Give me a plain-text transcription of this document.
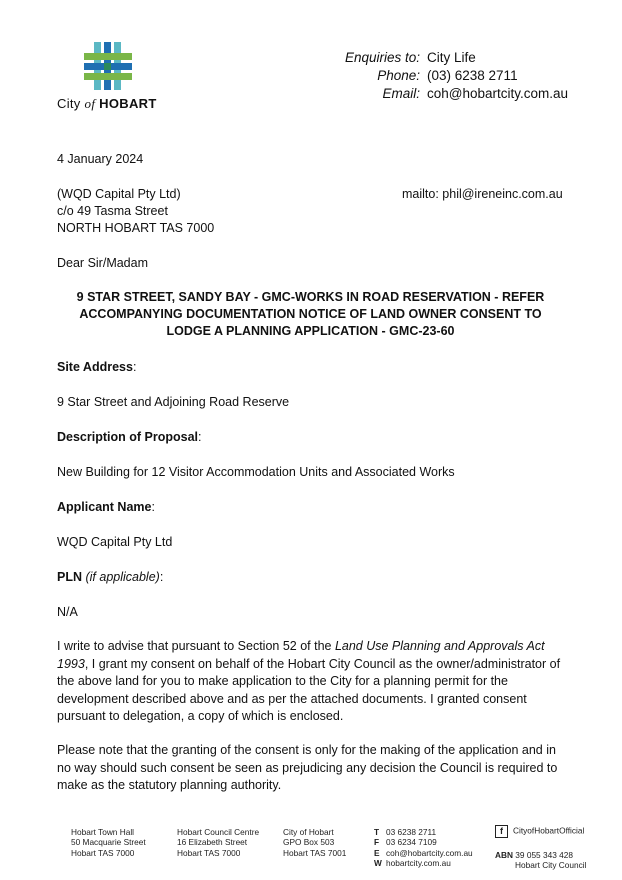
City of HOBART
Enquiries to: City Life
Phone: (03) 6238 2711
Email: coh@hobartcity.com.au
4 January 2024
(WQD Capital Pty Ltd)
c/o 49 Tasma Street
NORTH HOBART TAS 7000
mailto: phil@ireneinc.com.au
Dear Sir/Madam
9 STAR STREET, SANDY BAY - GMC-WORKS IN ROAD RESERVATION - REFER ACCOMPANYING DOCUMENTATION NOTICE OF LAND OWNER CONSENT TO LODGE A PLANNING APPLICATION - GMC-23-60
Site Address:
9 Star Street and Adjoining Road Reserve
Description of Proposal:
New Building for 12 Visitor Accommodation Units and Associated Works
Applicant Name:
WQD Capital Pty Ltd
PLN (if applicable):
N/A
I write to advise that pursuant to Section 52 of the Land Use Planning and Approvals Act 1993, I grant my consent on behalf of the Hobart City Council as the owner/administrator of the above land for you to make application to the City for a planning permit for the development described above and as per the attached documents. I granted consent pursuant to delegation, a copy of which is enclosed.
Please note that the granting of the consent is only for the making of the application and in no way should such consent be seen as prejudicing any decision the Council is required to make as the statutory planning authority.
Hobart Town Hall
50 Macquarie Street
Hobart TAS 7000
Hobart Council Centre
16 Elizabeth Street
Hobart TAS 7000
City of Hobart
GPO Box 503
Hobart TAS 7001
T 03 6238 2711
F 03 6234 7109
E coh@hobartcity.com.au
W hobartcity.com.au
f CityofHobartOfficial
ABN 39 055 343 428
Hobart City Council
